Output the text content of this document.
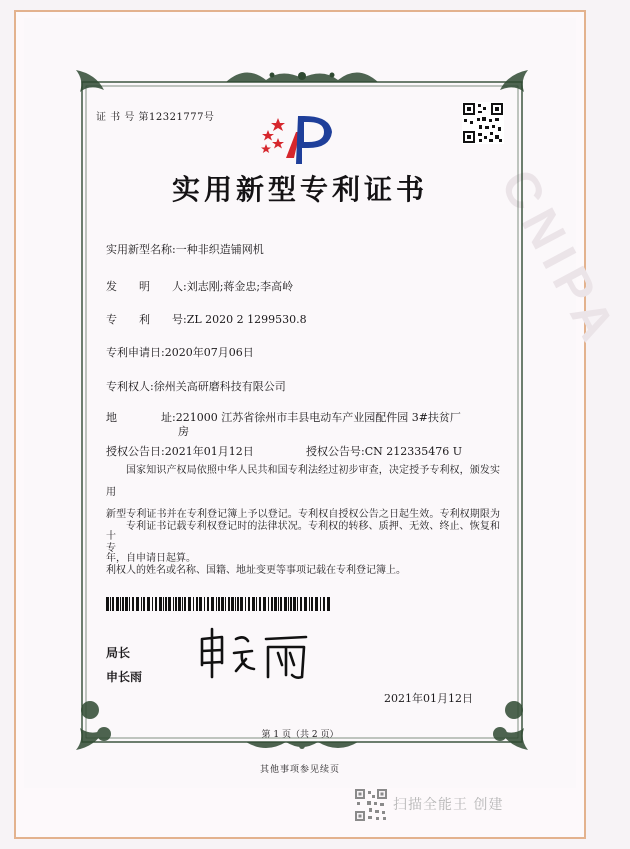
CNIPA
证 书 号 第12321777号
实用新型专利证书
实用新型名称:一种非织造铺网机
发　　明　　人:刘志刚;蒋金忠;李高岭
专　　利　　号:ZL 2020 2 1299530.8
专利申请日:2020年07月06日
专利权人:徐州关高研磨科技有限公司
地　　　　址:221000 江苏省徐州市丰县电动车产业园配件园 3#扶贫厂
房
授权公告日:2021年01月12日	授权公告号:CN 212335476 U
国家知识产权局依照中华人民共和国专利法经过初步审查，决定授予专利权，颁发实用
新型专利证书并在专利登记簿上予以登记。专利权自授权公告之日起生效。专利权期限为十
年，自申请日起算。
专利证书记载专利权登记时的法律状况。专利权的转移、质押、无效、终止、恢复和专
利权人的姓名或名称、国籍、地址变更等事项记载在专利登记簿上。
局长
申长雨
2021年01月12日
第 1 页（共 2 页）
其他事项参见续页
扫描全能王 创建
